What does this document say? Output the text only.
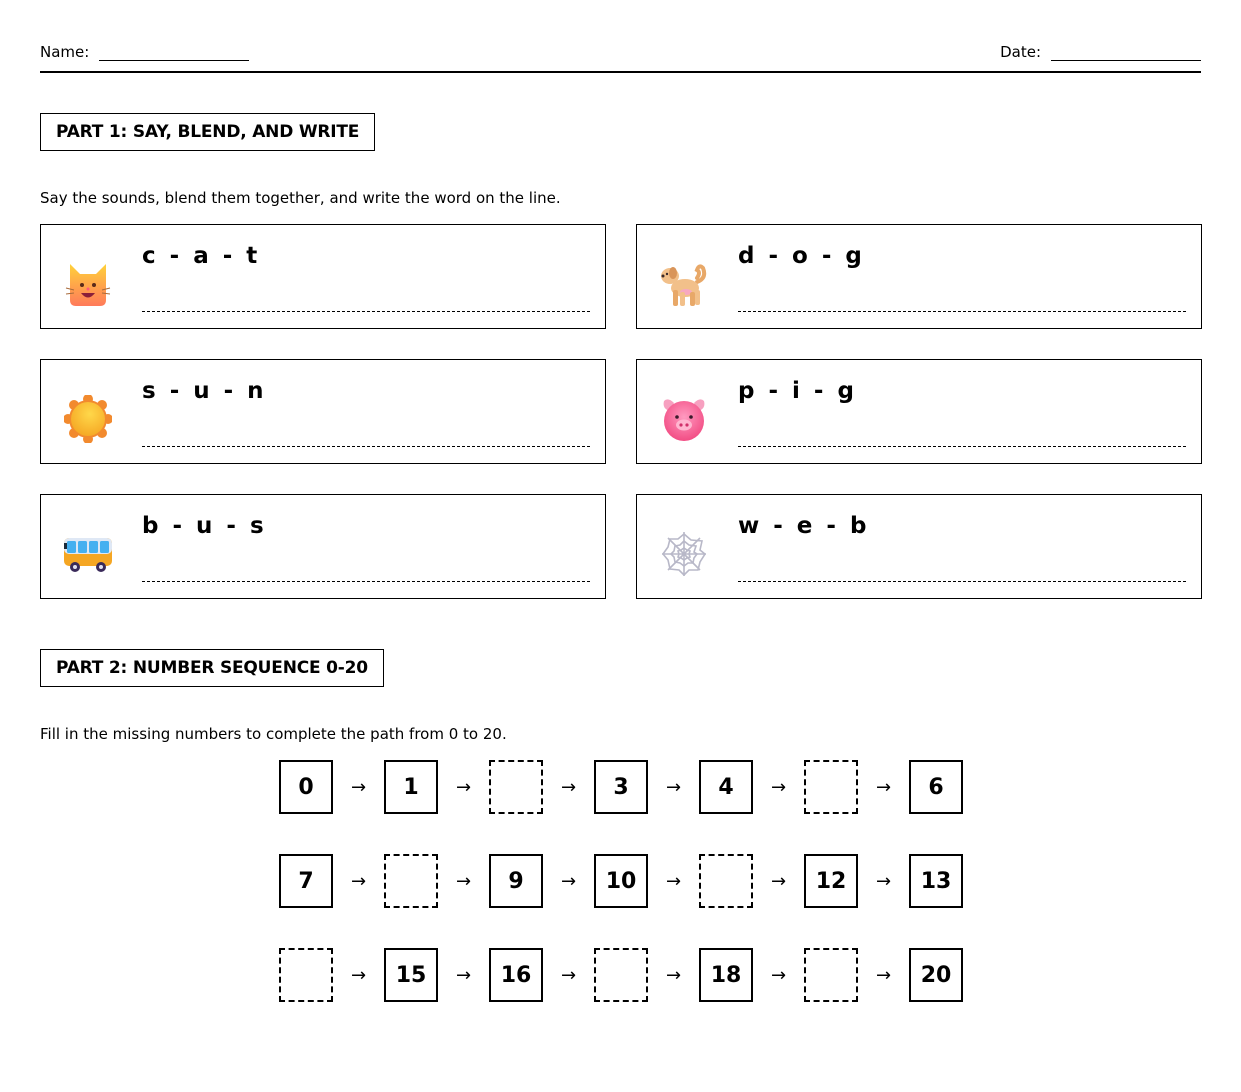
Name:	Date:
PART 1: SAY, BLEND, AND WRITE
Say the sounds, blend them together, and write the word on the line.
c - a - t	d - o - g
s - u - n	p - i - g
b - u - s	w - e - b
PART 2: NUMBER SEQUENCE 0-20
Fill in the missing numbers to complete the path from 0 to 20.
0	→	1	→	→	3	→	4	→	→	6
7	→	→	9	→	10	→	→	12	→	13
→	15	→	16	→	→	18	→	→	20
